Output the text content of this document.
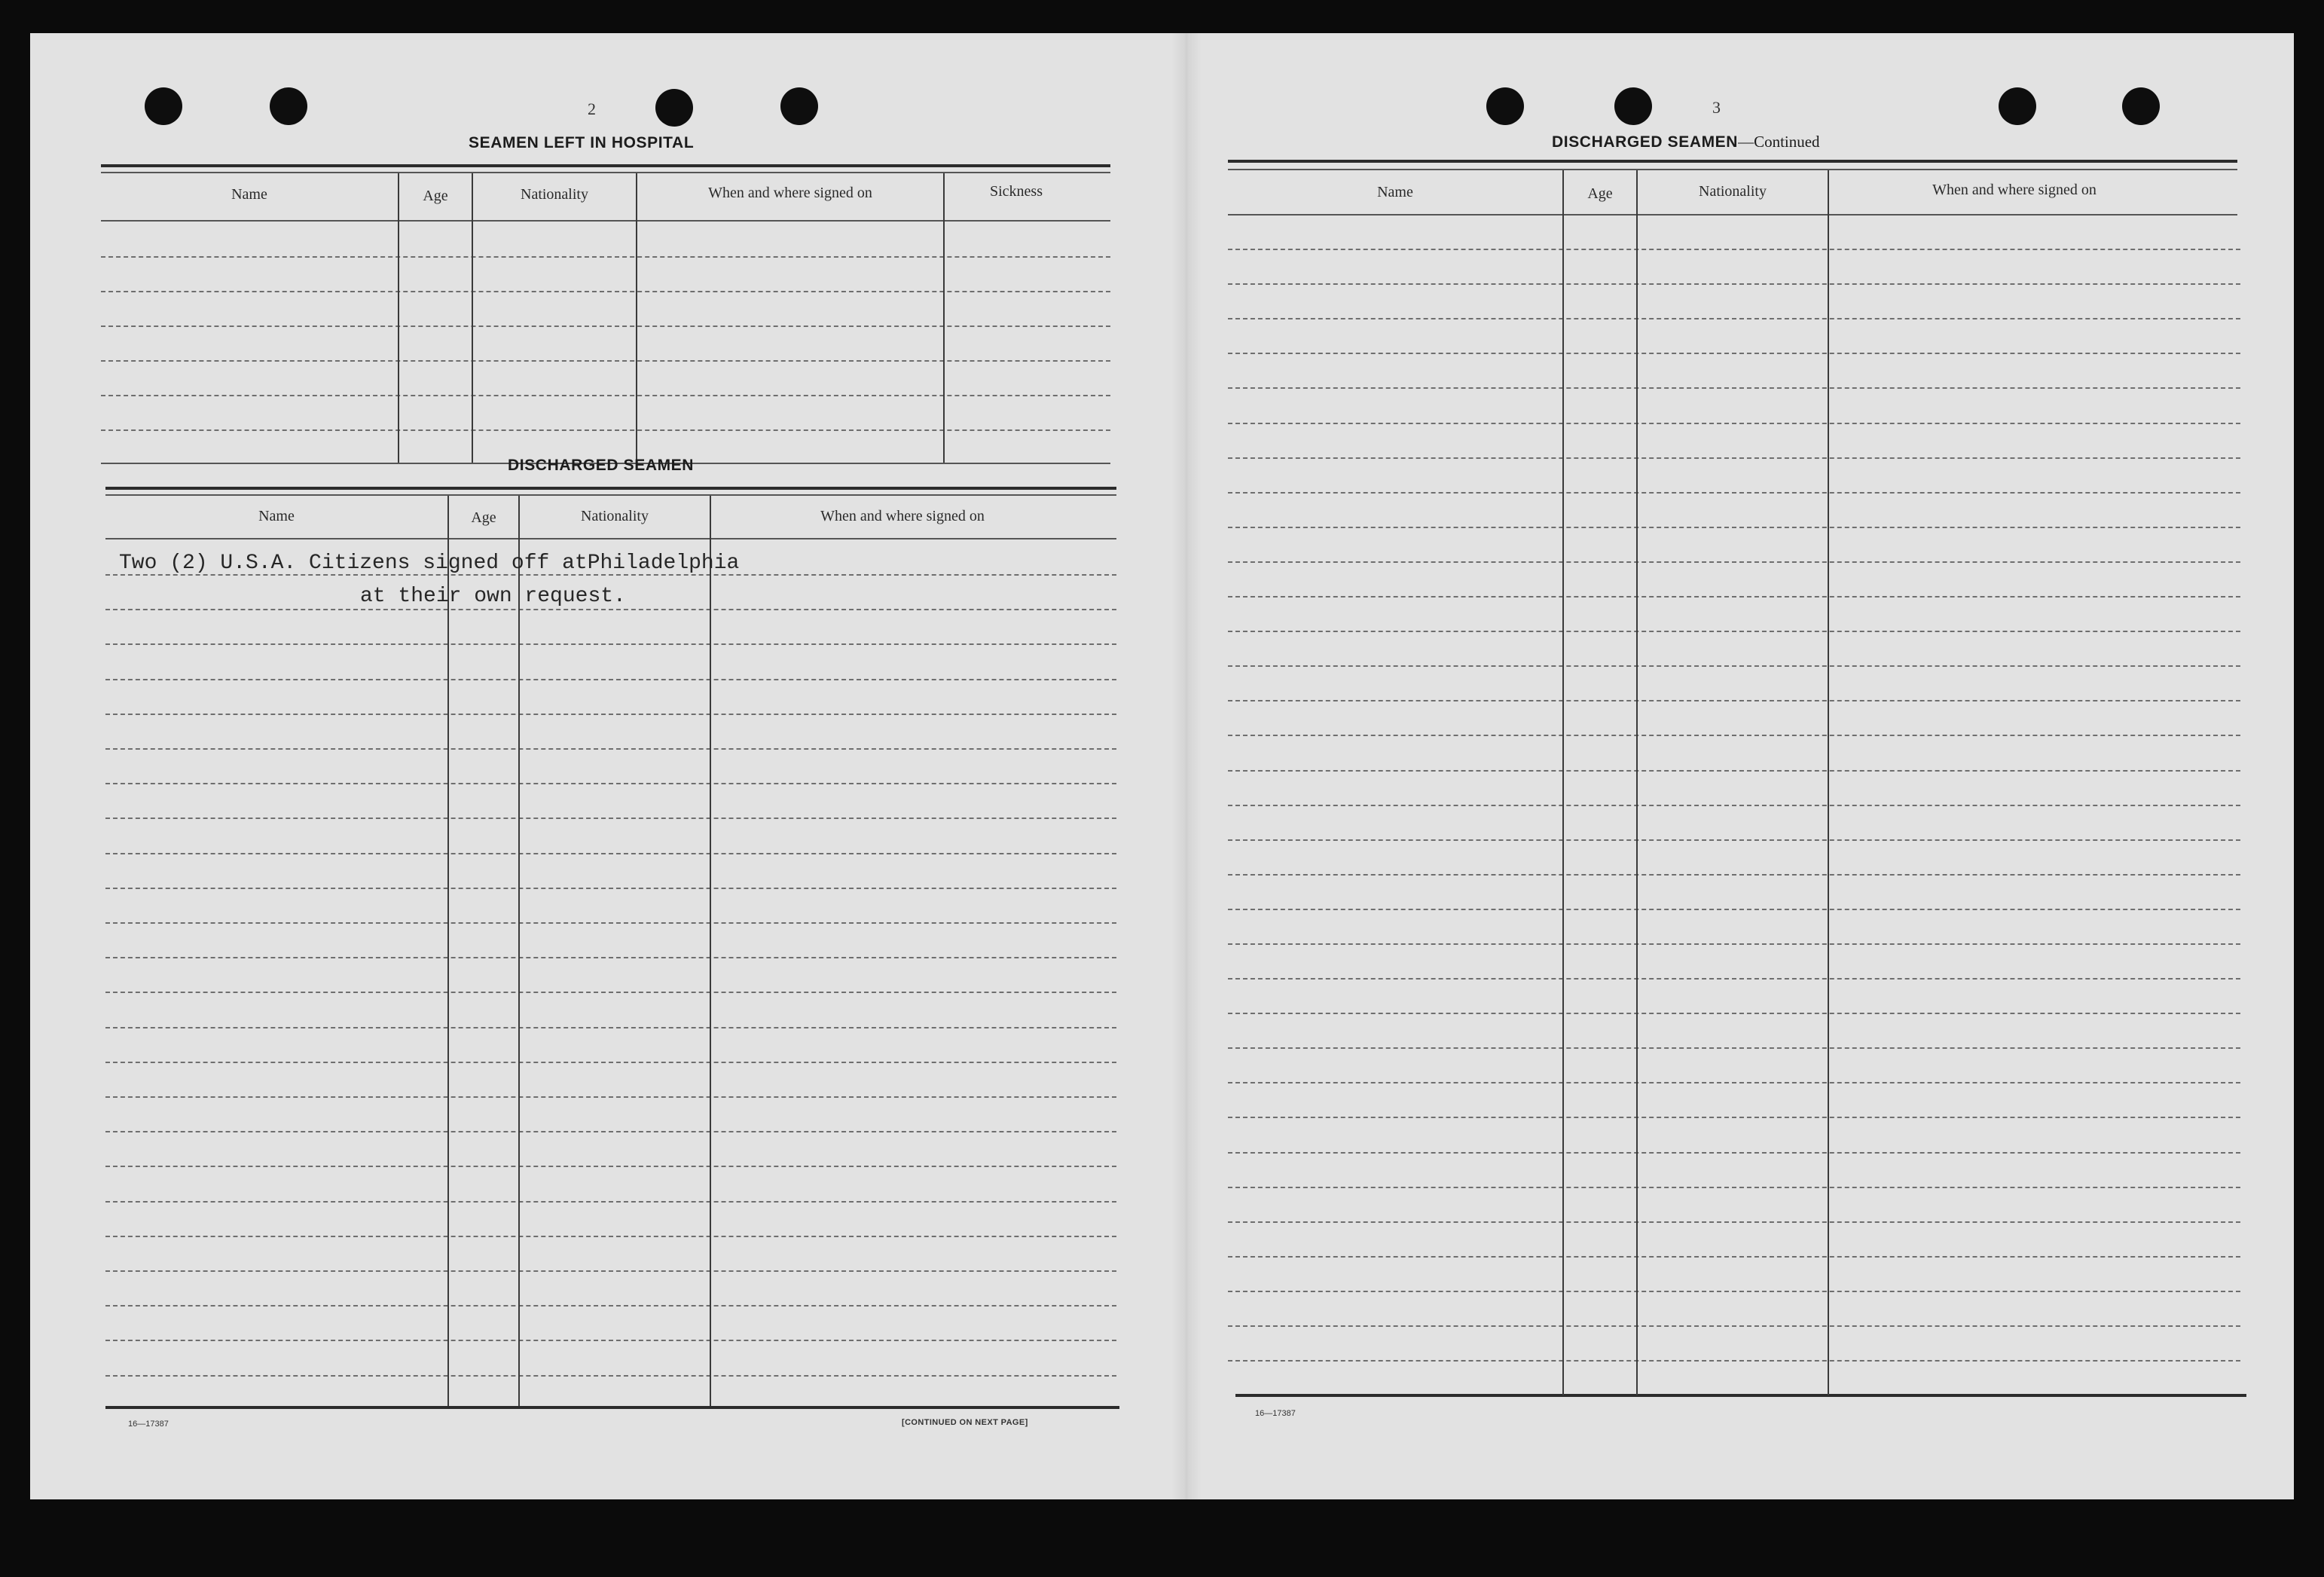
2
SEAMEN LEFT IN HOSPITAL
Name	Age	Nationality	When and where signed on	Sickness
DISCHARGED SEAMEN
Name	Age	Nationality	When and where signed on
Two (2) U.S.A. Citizens signed off atPhiladelphia
at their own request.
16—17387	[CONTINUED ON NEXT PAGE]
3
DISCHARGED SEAMEN—Continued
Name	Age	Nationality	When and where signed on
16—17387
